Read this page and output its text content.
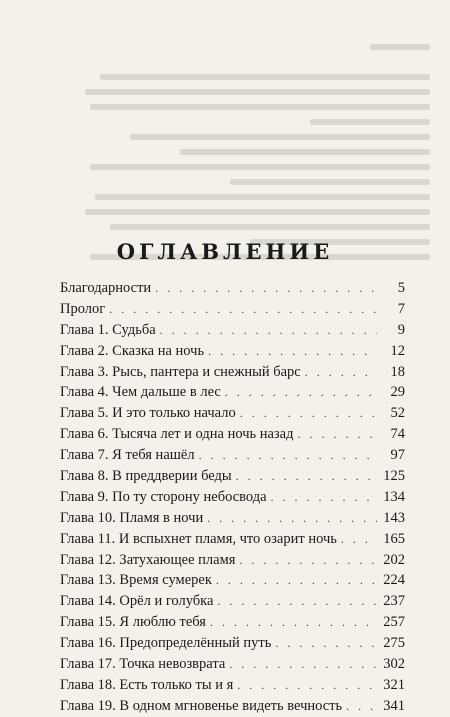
ОГЛАВЛЕНИЕ
Благодарности . . .	5
Пролог . . .	7
Глава 1. Судьба . . .	9
Глава 2. Сказка на ночь . . .	12
Глава 3. Рысь, пантера и снежный барс . . .	18
Глава 4. Чем дальше в лес . . .	29
Глава 5. И это только начало . . .	52
Глава 6. Тысяча лет и одна ночь назад . . .	74
Глава 7. Я тебя нашёл . . .	97
Глава 8. В преддверии беды . . .	125
Глава 9. По ту сторону небосвода . . .	134
Глава 10. Пламя в ночи . . .	143
Глава 11. И вспыхнет пламя, что озарит ночь . . .	165
Глава 12. Затухающее пламя . . .	202
Глава 13. Время сумерек . . .	224
Глава 14. Орёл и голубка . . .	237
Глава 15. Я люблю тебя . . .	257
Глава 16. Предопределённый путь . . .	275
Глава 17. Точка невозврата . . .	302
Глава 18. Есть только ты и я . . .	321
Глава 19. В одном мгновенье видеть вечность . . .	341
